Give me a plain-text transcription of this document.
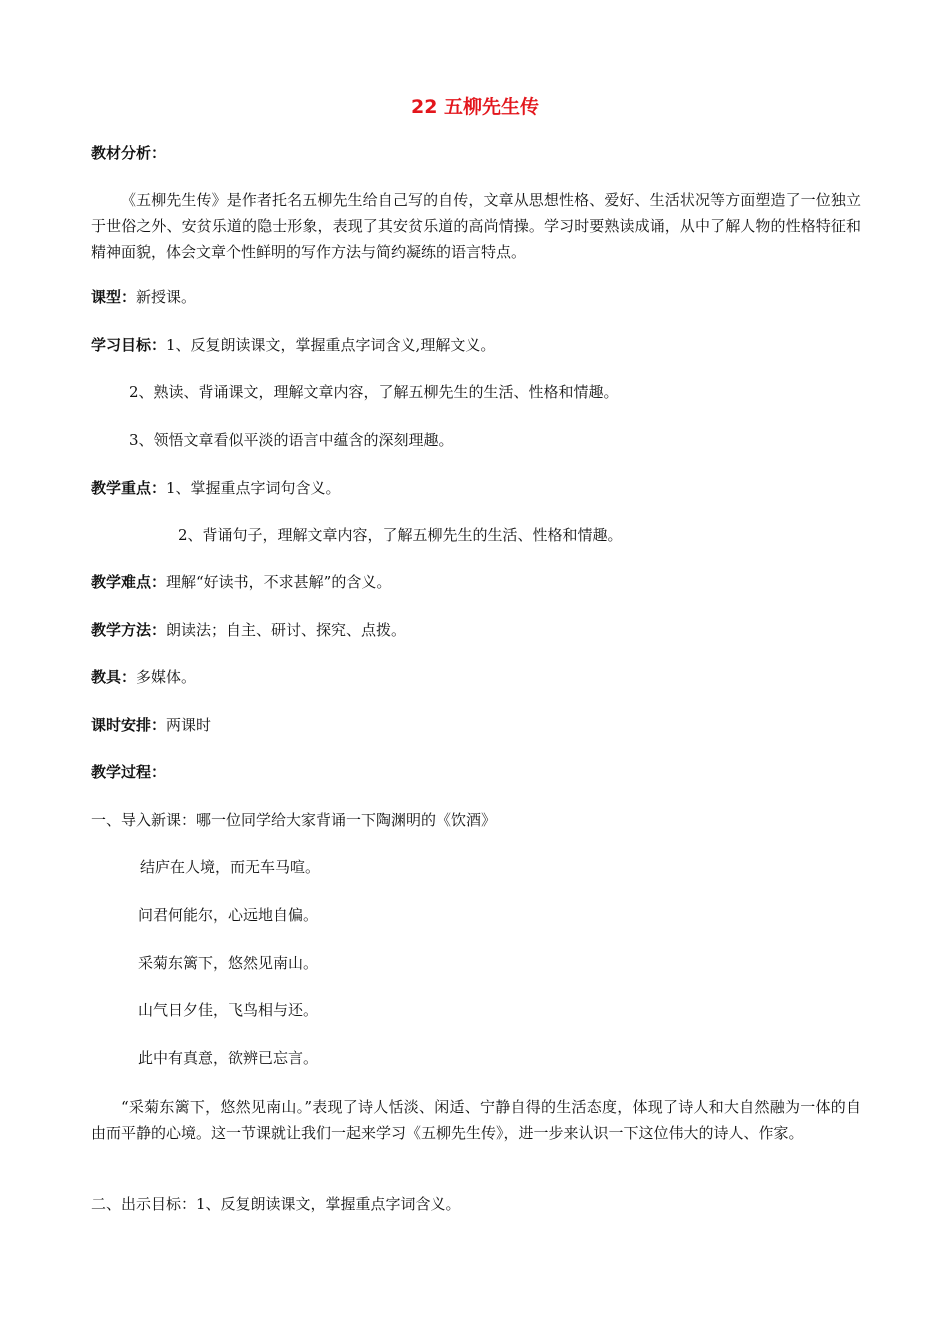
22 五柳先生传
教材分析：
《五柳先生传》是作者托名五柳先生给自己写的自传，文章从思想性格、爱好、生活状况等方面塑造了一位独立于世俗之外、安贫乐道的隐士形象，表现了其安贫乐道的高尚情操。学习时要熟读成诵，从中了解人物的性格特征和精神面貌，体会文章个性鲜明的写作方法与简约凝练的语言特点。
课型：新授课。
学习目标：1、反复朗读课文，掌握重点字词含义,理解文义。
2、熟读、背诵课文，理解文章内容，了解五柳先生的生活、性格和情趣。
3、领悟文章看似平淡的语言中蕴含的深刻理趣。
教学重点：1、掌握重点字词句含义。
2、背诵句子，理解文章内容，了解五柳先生的生活、性格和情趣。
教学难点：理解“好读书，不求甚解”的含义。
教学方法：朗读法；自主、研讨、探究、点拨。
教具：多媒体。
课时安排：两课时
教学过程：
一、导入新课：哪一位同学给大家背诵一下陶渊明的《饮酒》
结庐在人境，而无车马喧。
问君何能尔，心远地自偏。
采菊东篱下，悠然见南山。
山气日夕佳，飞鸟相与还。
此中有真意，欲辨已忘言。
“采菊东篱下，悠然见南山。”表现了诗人恬淡、闲适、宁静自得的生活态度，体现了诗人和大自然融为一体的自由而平静的心境。这一节课就让我们一起来学习《五柳先生传》，进一步来认识一下这位伟大的诗人、作家。
二、出示目标：1、反复朗读课文，掌握重点字词含义。
